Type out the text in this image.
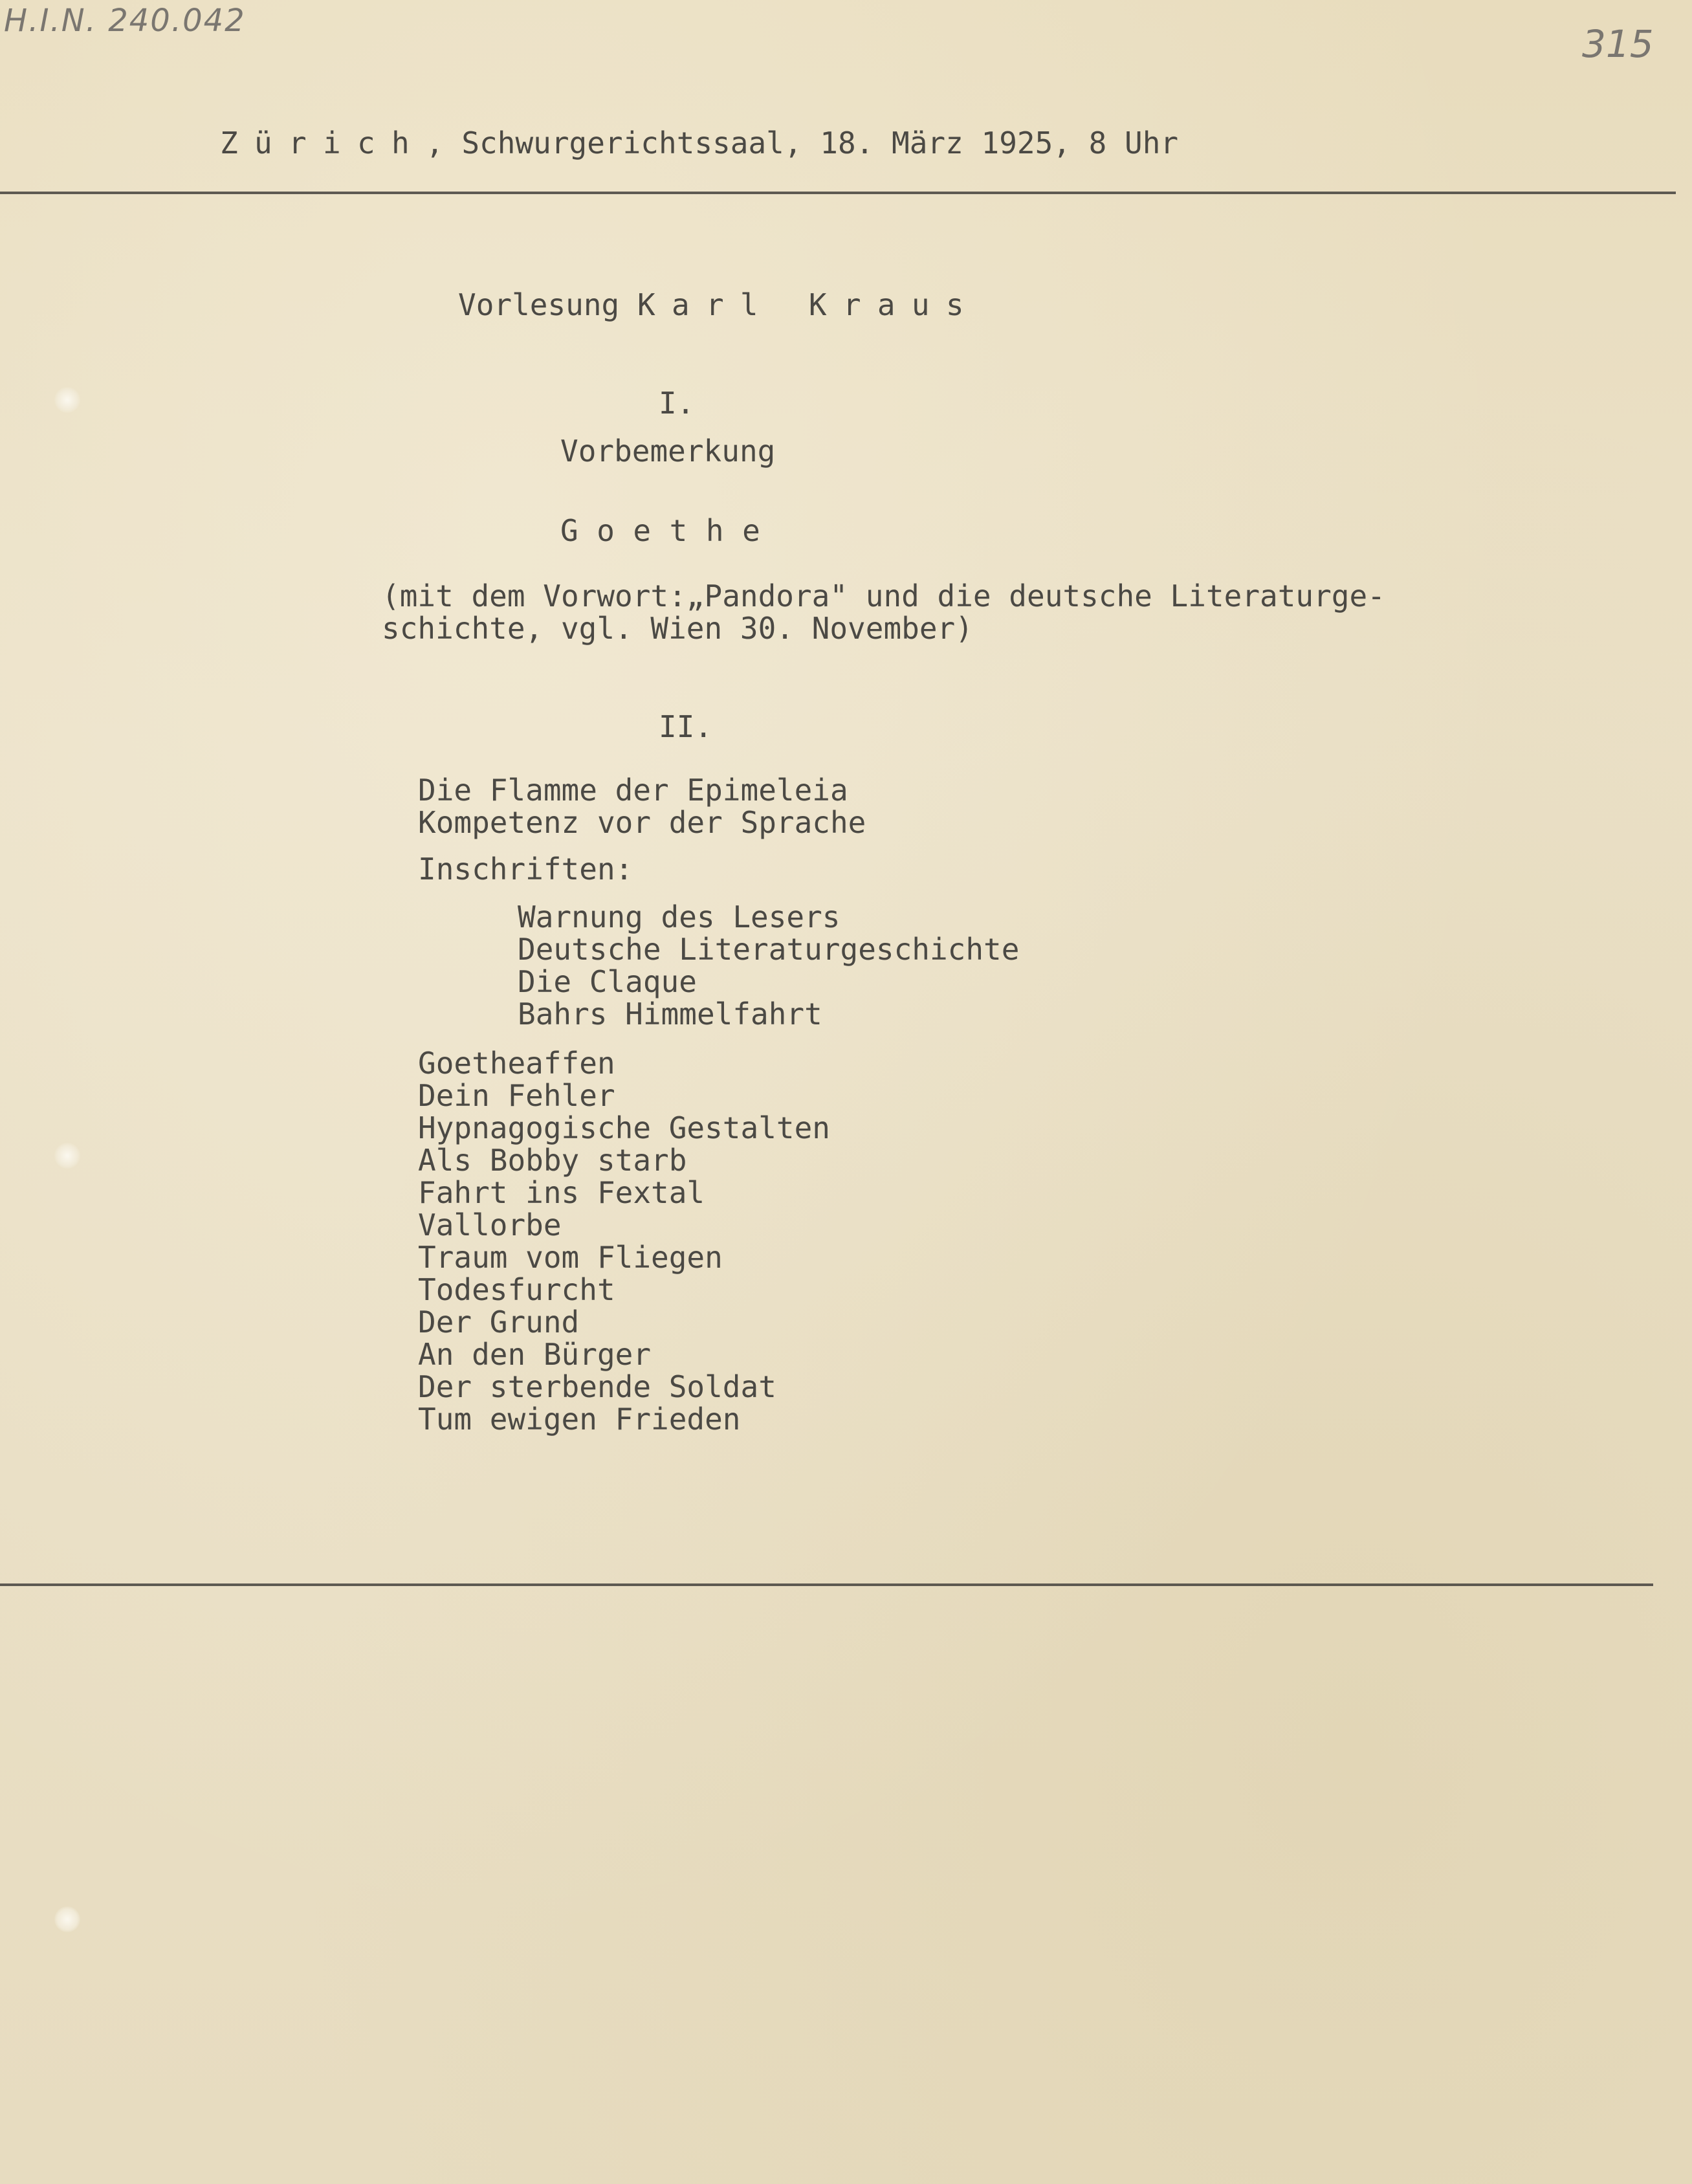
H.I.N. 240.042
315
Zürich, Schwurgerichtssaal, 18. März 1925, 8 Uhr
Vorlesung Karl Kraus
I.
Vorbemerkung
Goethe
(mit dem Vorwort:„Pandora" und die deutsche Literaturge-
schichte, vgl. Wien 30. November)
II.
Die Flamme der Epimeleia
Kompetenz vor der Sprache
Inschriften:
Warnung des Lesers
Deutsche Literaturgeschichte
Die Claque
Bahrs Himmelfahrt
Goetheaffen
Dein Fehler
Hypnagogische Gestalten
Als Bobby starb
Fahrt ins Fextal
Vallorbe
Traum vom Fliegen
Todesfurcht
Der Grund
An den Bürger
Der sterbende Soldat
Tum ewigen Frieden
